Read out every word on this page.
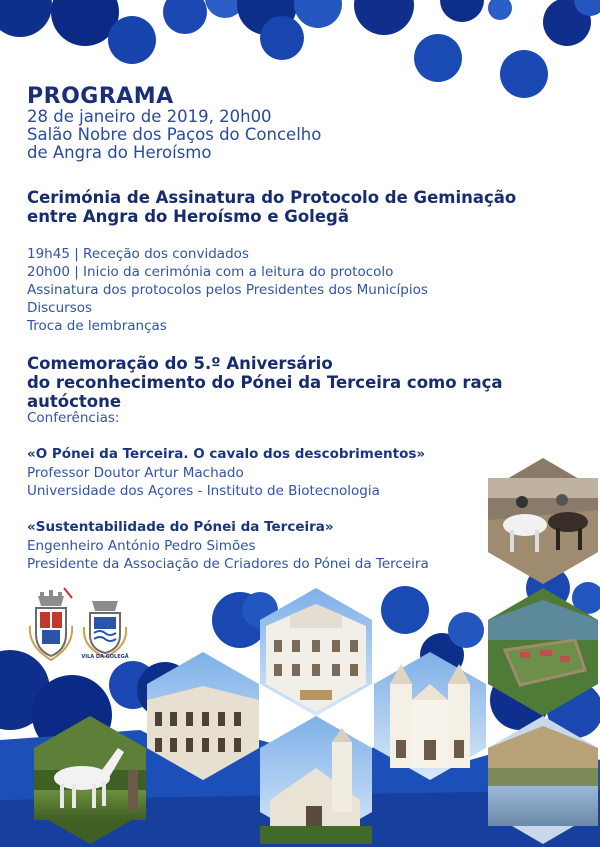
PROGRAMA
28 de janeiro de 2019, 20h00
Salão Nobre dos Paços do Concelho
de Angra do Heroísmo
Cerimónia de Assinatura do Protocolo de Geminação
entre Angra do Heroísmo e Golegã
19h45 | Receção dos convidados
20h00 | Inicio da cerimónia com a leitura do protocolo
Assinatura dos protocolos pelos Presidentes dos Municípios
Discursos
Troca de lembranças
Comemoração do 5.º Aniversário
do reconhecimento do Pónei da Terceira como raça autóctone
Conferências:
«O Pónei da Terceira. O cavalo dos descobrimentos»
Professor Doutor Artur Machado
Universidade dos Açores - Instituto de Biotecnologia
«Sustentabilidade do Pónei da Terceira»
Engenheiro António Pedro Simões
Presidente da Associação de Criadores do Pónei da Terceira
VILA DA GOLEGÃ
